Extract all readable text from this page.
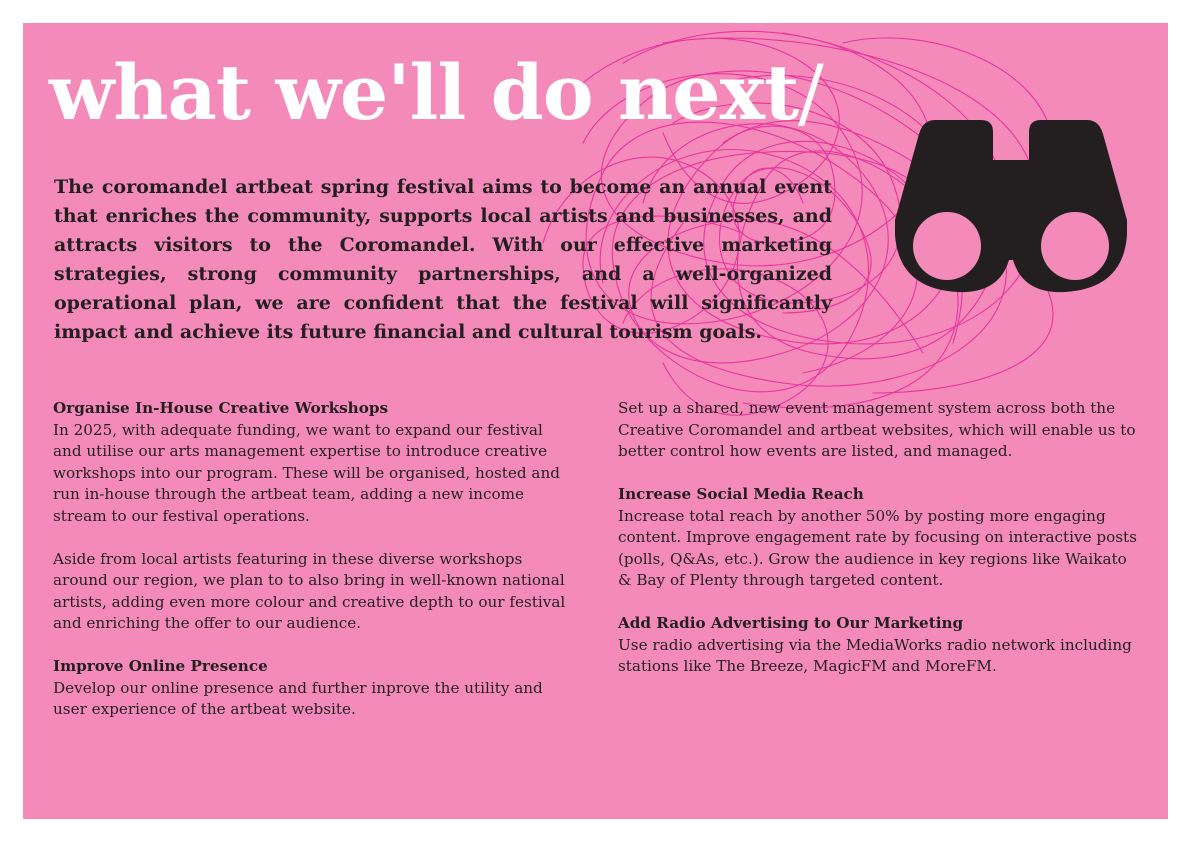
what we'll do next/

The coromandel artbeat spring festival aims to become an annual event that enriches the community, supports local artists and businesses, and attracts visitors to the Coromandel. With our effective marketing strategies, strong community partnerships, and a well-organized operational plan, we are confident that the festival will significantly impact and achieve its future financial and cultural tourism goals.

Organise In-House Creative Workshops

In 2025, with adequate funding, we want to expand our festival and utilise our arts management expertise to introduce creative workshops into our program. These will be organised, hosted and run in-house through the artbeat team, adding a new income stream to our festival operations.

Aside from local artists featuring in these diverse workshops around our region, we plan to to also bring in well-known national artists, adding even more colour and creative depth to our festival and enriching the offer to our audience.

Improve Online Presence

Develop our online presence and further inprove the utility and user experience of the artbeat website.

Set up a shared, new event management system across both the Creative Coromandel and artbeat websites, which will enable us to better control how events are listed, and managed.

Increase Social Media Reach

Increase total reach by another 50% by posting more engaging content. Improve engagement rate by focusing on interactive posts (polls, Q&As, etc.). Grow the audience in key regions like Waikato & Bay of Plenty through targeted content.

Add Radio Advertising to Our Marketing

Use radio advertising via the MediaWorks radio network including stations like The Breeze, MagicFM and MoreFM.
